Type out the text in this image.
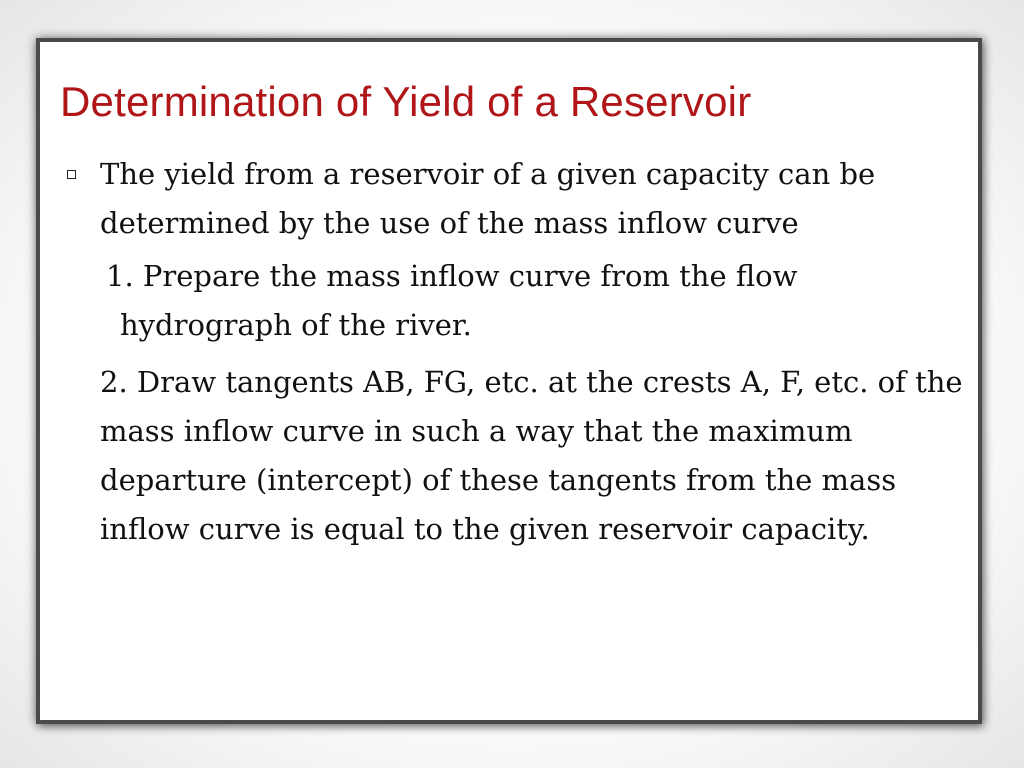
Determination of Yield of a Reservoir

The yield from a reservoir of a given capacity can be determined by the use of the mass inflow curve

1. Prepare the mass inflow curve from the flow
hydrograph of the river.

2. Draw tangents AB, FG, etc. at the crests A, F, etc. of the mass inflow curve in such a way that the maximum departure (intercept) of these tangents from the mass inflow curve is equal to the given reservoir capacity.
